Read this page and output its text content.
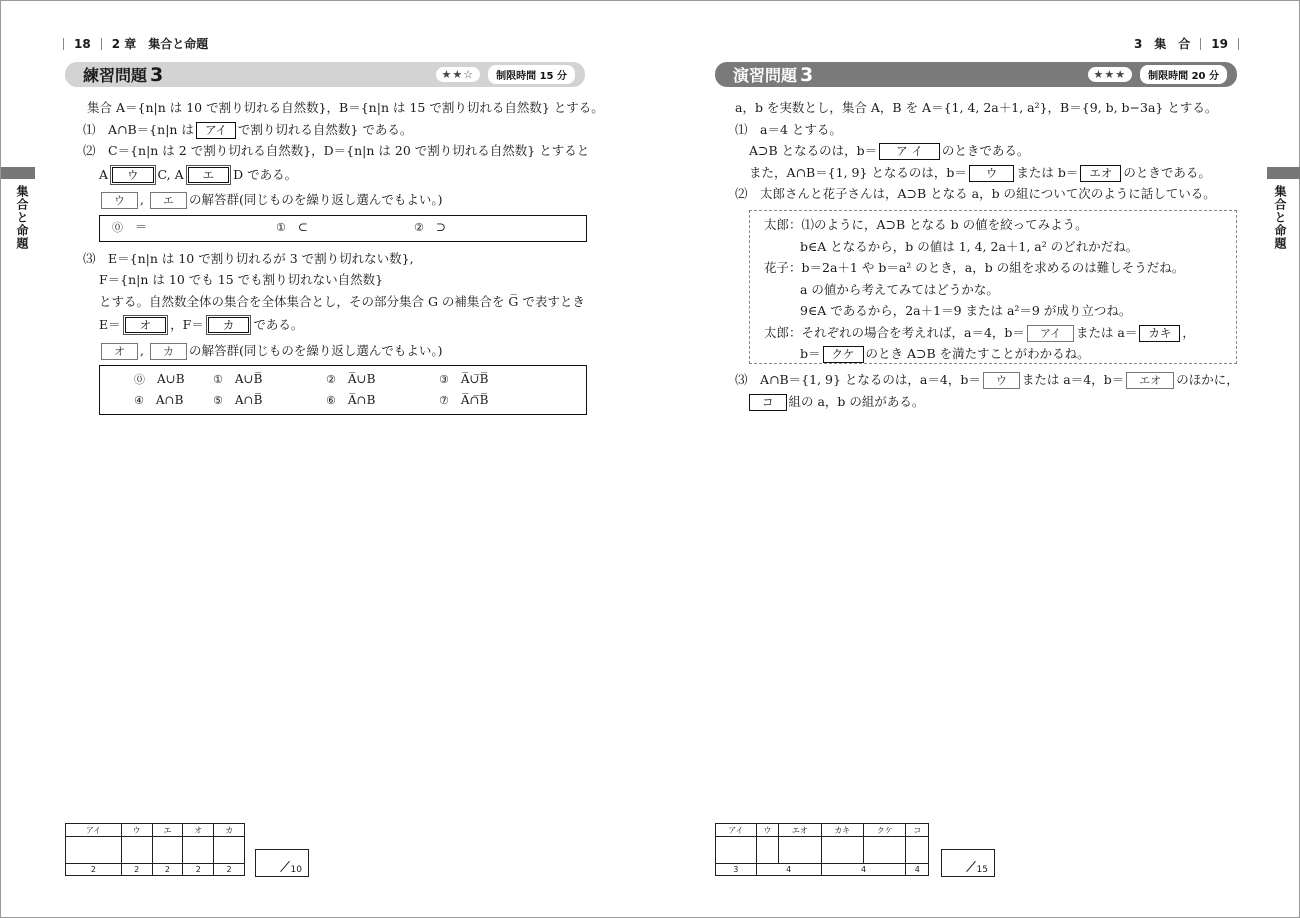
18 2 章　集合と命題
練習問題 3	★★☆	制限時間 15 分
集合と命題
集合 A＝{n|n は 10 で割り切れる自然数}，B＝{n|n は 15 で割り切れる自然数} とする。
⑴　A∩B＝{n|n は アイ で割り切れる自然数} である。
⑵　C＝{n|n は 2 で割り切れる自然数}，D＝{n|n は 20 で割り切れる自然数} とすると
A ウ C, A エ D である。
ウ , エ の解答群(同じものを繰り返し選んでもよい。)
⓪ ＝	① ⊂	② ⊃
⑶　E＝{n|n は 10 で割り切れるが 3 で割り切れない数},
F＝{n|n は 10 でも 15 でも割り切れない自然数}
とする。自然数全体の集合を全体集合とし，その部分集合 G の補集合を G̅ で表すとき
E＝ オ ，F＝ カ である。
オ , カ の解答群(同じものを繰り返し選んでもよい。)
⓪ A∪B	① A∪B̅	② A̅∪B	③ A̅∪̅B̅
④ A∩B	⑤ A∩B̅	⑥ A̅∩B	⑦ A̅∩̅B̅
アイ	ウ	エ	オ	カ

2	2	2	2	2	10
3　集　合 19
演習問題 3	★★★	制限時間 20 分
集合と命題
a，b を実数とし，集合 A，B を A＝{1, 4, 2a＋1, a²}，B＝{9, b, b−3a} とする。
⑴　a＝4 とする。
A⊃B となるのは，b＝ ア イ のときである。
また，A∩B＝{1, 9} となるのは，b＝ ウ または b＝ エオ のときである。
⑵　太郎さんと花子さんは，A⊃B となる a，b の組について次のように話している。
太郎：⑴のように，A⊃B となる b の値を絞ってみよう。
b∈A となるから，b の値は 1, 4, 2a＋1, a² のどれかだね。
花子：b＝2a＋1 や b＝a² のとき，a，b の組を求めるのは難しそうだね。
a の値から考えてみてはどうかな。
9∈A であるから，2a＋1＝9 または a²＝9 が成り立つね。
太郎：それぞれの場合を考えれば，a＝4，b＝ アイ または a＝ カキ ，
b＝ クケ のとき A⊃B を満たすことがわかるね。
⑶　A∩B＝{1, 9} となるのは，a＝4，b＝ ウ または a＝4，b＝ エオ のほかに，
コ 組の a，b の組がある。
アイ	ウ	エオ	カキ	クケ	コ

3	4		4		4	15
